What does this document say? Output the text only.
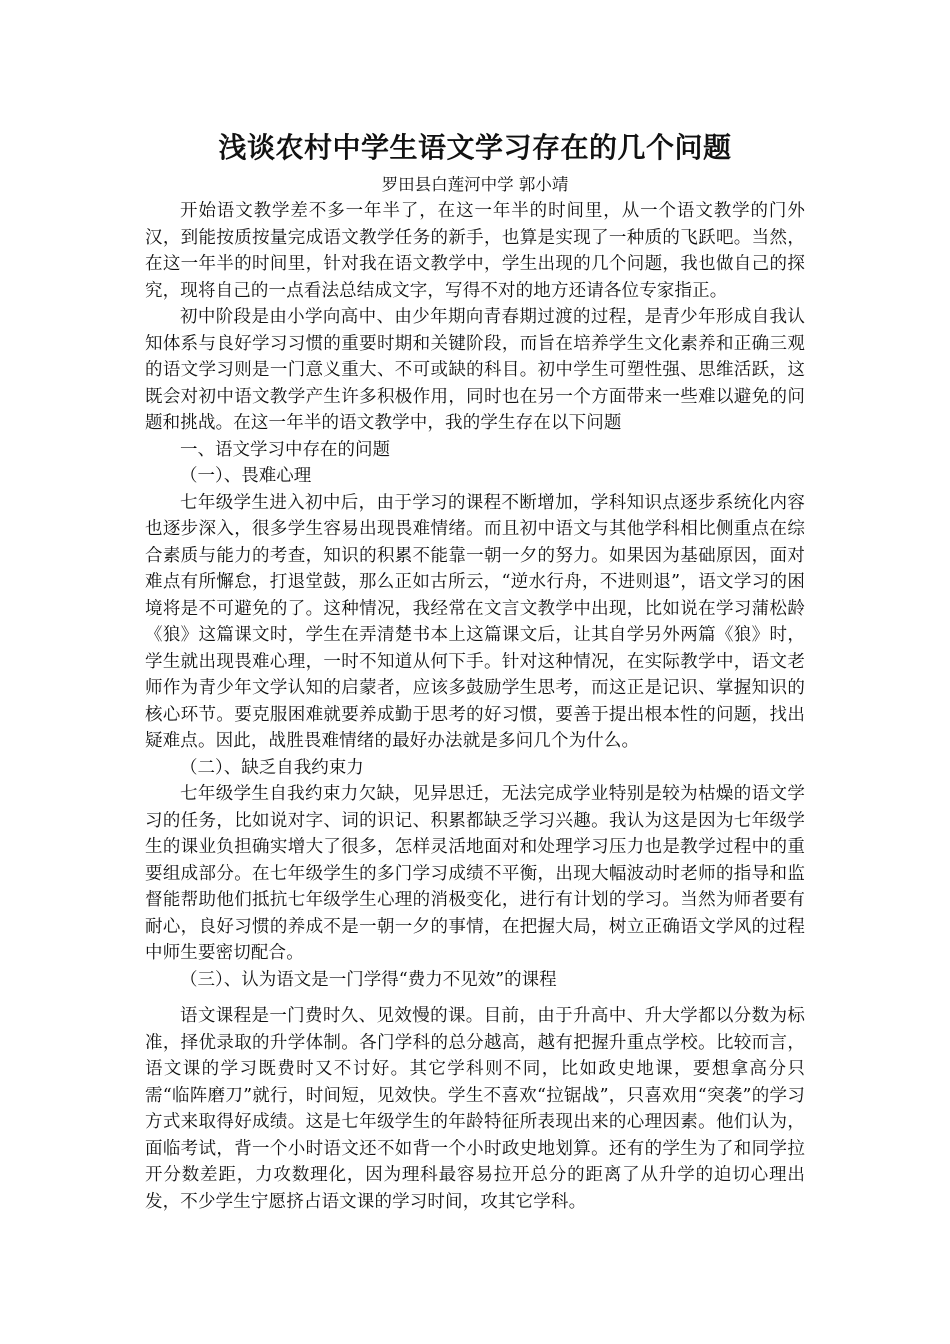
浅谈农村中学生语文学习存在的几个问题

罗田县白莲河中学 郭小靖

开始语文教学差不多一年半了，在这一年半的时间里，从一个语文教学的门外汉，到能按质按量完成语文教学任务的新手，也算是实现了一种质的飞跃吧。当然，在这一年半的时间里，针对我在语文教学中，学生出现的几个问题，我也做自己的探究，现将自己的一点看法总结成文字，写得不对的地方还请各位专家指正。

初中阶段是由小学向高中、由少年期向青春期过渡的过程，是青少年形成自我认知体系与良好学习习惯的重要时期和关键阶段，而旨在培养学生文化素养和正确三观的语文学习则是一门意义重大、不可或缺的科目。初中学生可塑性强、思维活跃，这既会对初中语文教学产生许多积极作用，同时也在另一个方面带来一些难以避免的问题和挑战。在这一年半的语文教学中，我的学生存在以下问题

一、语文学习中存在的问题

（一）、畏难心理

七年级学生进入初中后，由于学习的课程不断增加，学科知识点逐步系统化内容也逐步深入，很多学生容易出现畏难情绪。而且初中语文与其他学科相比侧重点在综合素质与能力的考查，知识的积累不能靠一朝一夕的努力。如果因为基础原因，面对难点有所懈怠，打退堂鼓，那么正如古所云，“逆水行舟，不进则退”，语文学习的困境将是不可避免的了。这种情况，我经常在文言文教学中出现，比如说在学习蒲松龄《狼》这篇课文时，学生在弄清楚书本上这篇课文后，让其自学另外两篇《狼》时，学生就出现畏难心理，一时不知道从何下手。针对这种情况，在实际教学中，语文老师作为青少年文学认知的启蒙者，应该多鼓励学生思考，而这正是记识、掌握知识的核心环节。要克服困难就要养成勤于思考的好习惯，要善于提出根本性的问题，找出疑难点。因此，战胜畏难情绪的最好办法就是多问几个为什么。

（二）、缺乏自我约束力

七年级学生自我约束力欠缺，见异思迁，无法完成学业特别是较为枯燥的语文学习的任务，比如说对字、词的识记、积累都缺乏学习兴趣。我认为这是因为七年级学生的课业负担确实增大了很多，怎样灵活地面对和处理学习压力也是教学过程中的重要组成部分。在七年级学生的多门学习成绩不平衡，出现大幅波动时老师的指导和监督能帮助他们抵抗七年级学生心理的消极变化，进行有计划的学习。当然为师者要有耐心，良好习惯的养成不是一朝一夕的事情，在把握大局，树立正确语文学风的过程中师生要密切配合。

（三）、认为语文是一门学得“费力不见效”的课程

语文课程是一门费时久、见效慢的课。目前，由于升高中、升大学都以分数为标准，择优录取的升学体制。各门学科的总分越高，越有把握升重点学校。比较而言，语文课的学习既费时又不讨好。其它学科则不同，比如政史地课，要想拿高分只需“临阵磨刀”就行，时间短，见效快。学生不喜欢“拉锯战”，只喜欢用“突袭”的学习方式来取得好成绩。这是七年级学生的年龄特征所表现出来的心理因素。他们认为，面临考试，背一个小时语文还不如背一个小时政史地划算。还有的学生为了和同学拉开分数差距，力攻数理化，因为理科最容易拉开总分的距离了从升学的迫切心理出发，不少学生宁愿挤占语文课的学习时间，攻其它学科。
